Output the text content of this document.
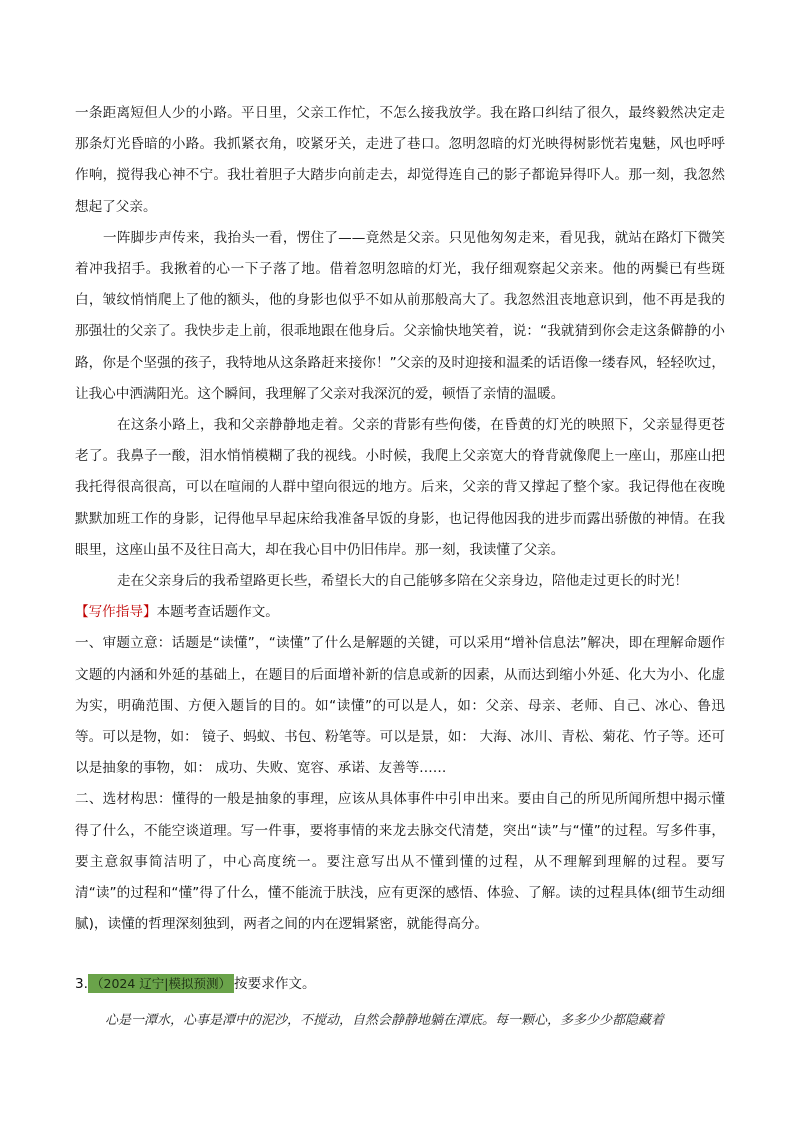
一条距离短但人少的小路。平日里，父亲工作忙，不怎么接我放学。我在路口纠结了很久，最终毅然决定走那条灯光昏暗的小路。我抓紧衣角，咬紧牙关，走进了巷口。忽明忽暗的灯光映得树影恍若鬼魅，风也呼呼作响，搅得我心神不宁。我壮着胆子大踏步向前走去，却觉得连自己的影子都诡异得吓人。那一刻，我忽然想起了父亲。

一阵脚步声传来，我抬头一看，愣住了——竟然是父亲。只见他匆匆走来，看见我，就站在路灯下微笑着冲我招手。我揪着的心一下子落了地。借着忽明忽暗的灯光，我仔细观察起父亲来。他的两鬓已有些斑白，皱纹悄悄爬上了他的额头，他的身影也似乎不如从前那般高大了。我忽然沮丧地意识到，他不再是我的那强壮的父亲了。我快步走上前，很乖地跟在他身后。父亲愉快地笑着，说：“我就猜到你会走这条僻静的小路，你是个坚强的孩子，我特地从这条路赶来接你！”父亲的及时迎接和温柔的话语像一缕春风，轻轻吹过，让我心中洒满阳光。这个瞬间，我理解了父亲对我深沉的爱，顿悟了亲情的温暖。

在这条小路上，我和父亲静静地走着。父亲的背影有些佝偻，在昏黄的灯光的映照下，父亲显得更苍老了。我鼻子一酸，泪水悄悄模糊了我的视线。小时候，我爬上父亲宽大的脊背就像爬上一座山，那座山把我托得很高很高，可以在喧闹的人群中望向很远的地方。后来，父亲的背又撑起了整个家。我记得他在夜晚默默加班工作的身影，记得他早早起床给我准备早饭的身影，也记得他因我的进步而露出骄傲的神情。在我眼里，这座山虽不及往日高大，却在我心目中仍旧伟岸。那一刻，我读懂了父亲。

走在父亲身后的我希望路更长些，希望长大的自己能够多陪在父亲身边，陪他走过更长的时光！

【写作指导】本题考查话题作文。

一、审题立意：话题是“读懂”，“读懂”了什么是解题的关键，可以采用“增补信息法”解决，即在理解命题作文题的内涵和外延的基础上，在题目的后面增补新的信息或新的因素，从而达到缩小外延、化大为小、化虚为实，明确范围、方便入题旨的目的。如“读懂”的可以是人，如：父亲、母亲、老师、自己、冰心、鲁迅等。可以是物，如： 镜子、蚂蚁、书包、粉笔等。可以是景，如： 大海、冰川、青松、菊花、竹子等。还可以是抽象的事物，如： 成功、失败、宽容、承诺、友善等……

二、选材构思：懂得的一般是抽象的事理，应该从具体事件中引申出来。要由自己的所见所闻所想中揭示懂得了什么，不能空谈道理。写一件事，要将事情的来龙去脉交代清楚，突出“读”与“懂”的过程。写多件事，要主意叙事简洁明了，中心高度统一。要注意写出从不懂到懂的过程，从不理解到理解的过程。要写清“读”的过程和“懂”得了什么，懂不能流于肤浅，应有更深的感悟、体验、了解。读的过程具体(细节生动细腻)，读懂的哲理深刻独到，两者之间的内在逻辑紧密，就能得高分。

3. （2024 辽宁|模拟预测） 按要求作文。
心是一潭水，心事是潭中的泥沙，不搅动，自然会静静地躺在潭底。每一颗心，多多少少都隐藏着
